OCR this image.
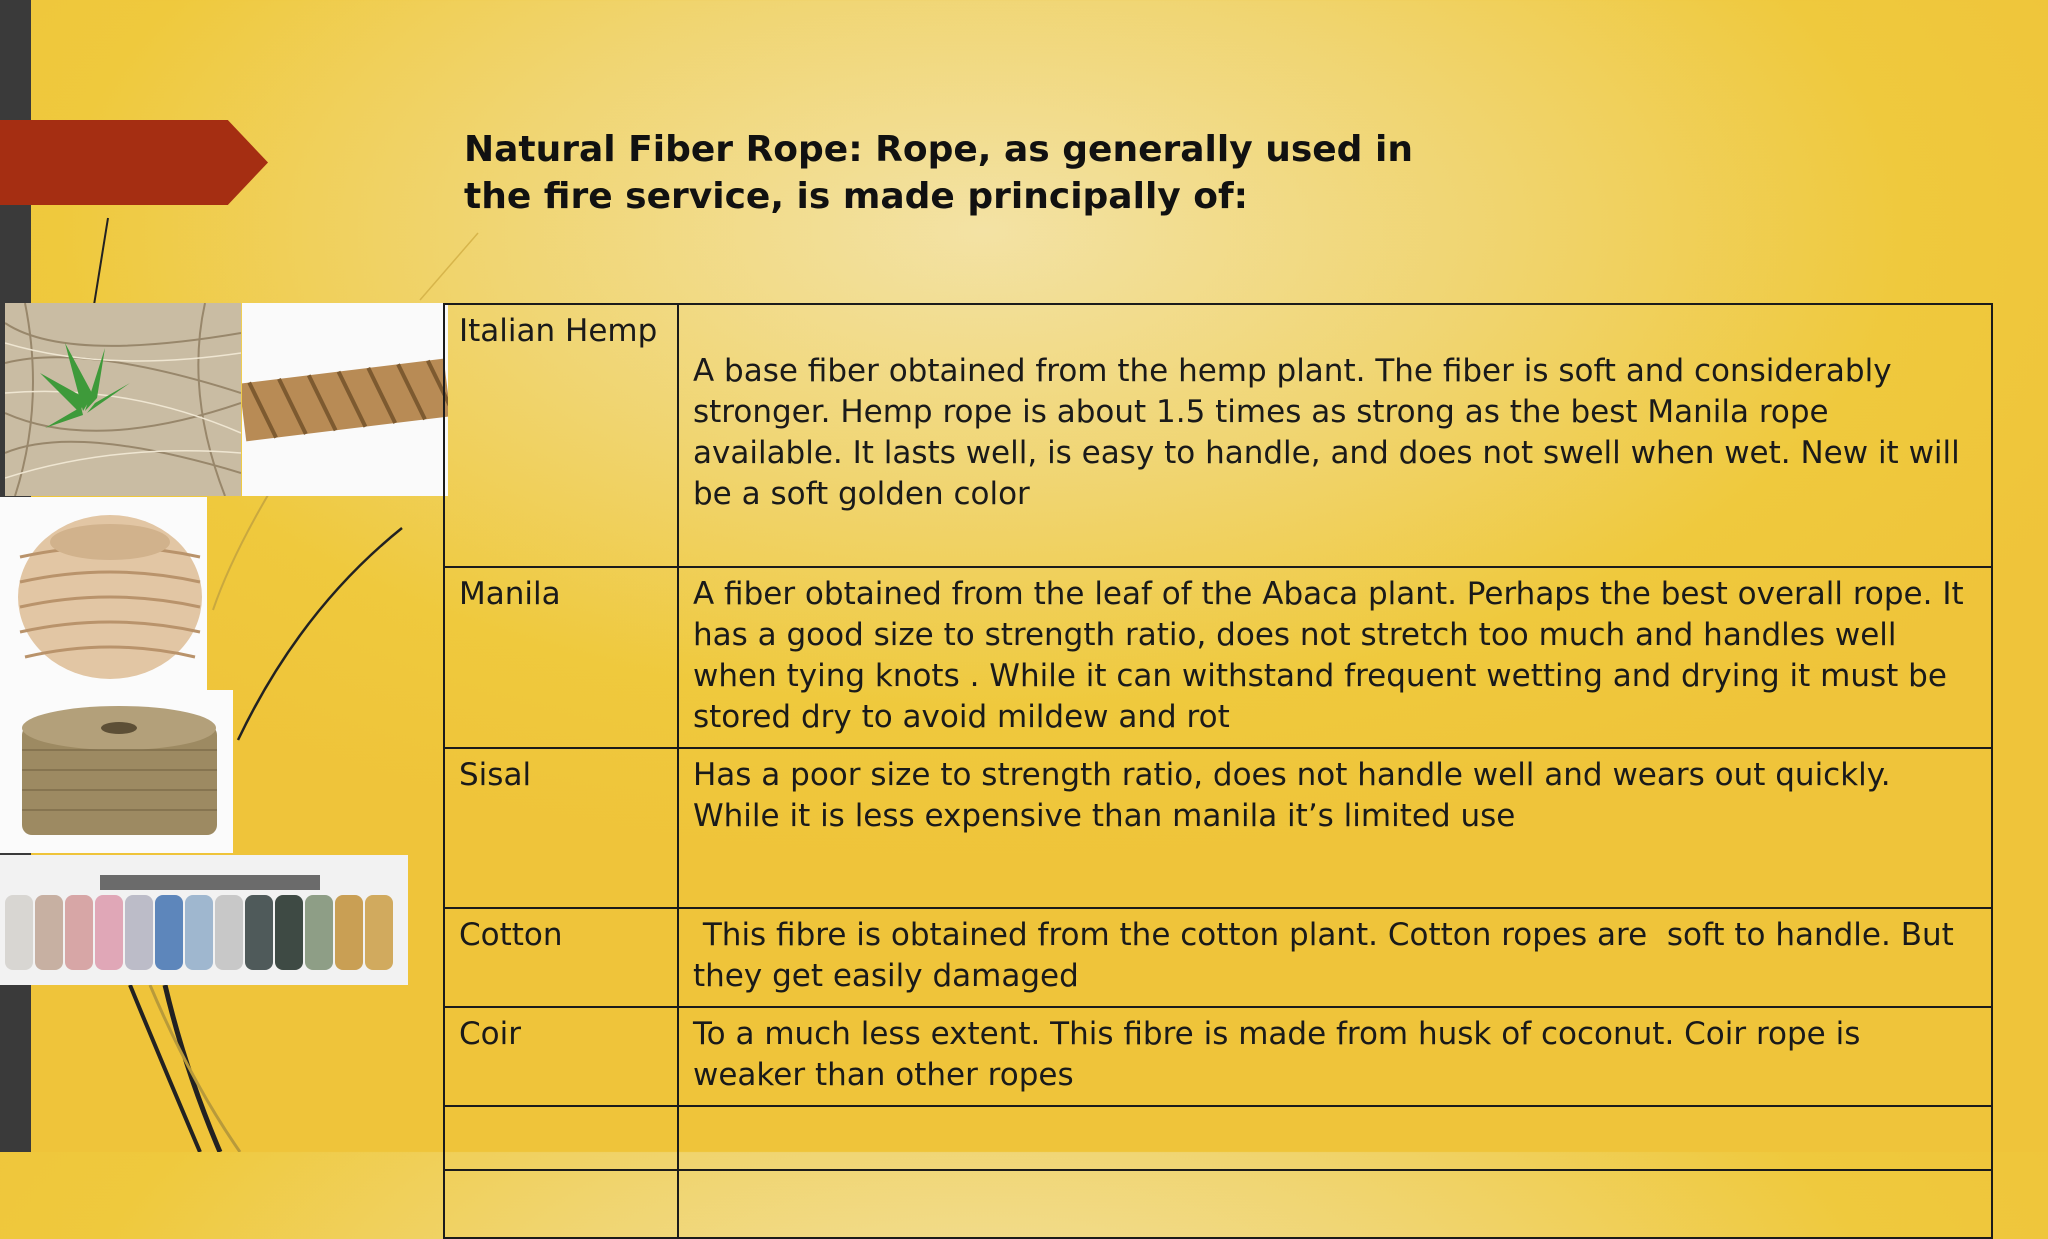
Natural Fiber Rope: Rope, as generally used in the fire service, is made principally of:
Italian Hemp	A base fiber obtained from the hemp plant. The fiber is soft and considerably stronger. Hemp rope is about 1.5 times as strong as the best Manila rope available. It lasts well, is easy to handle, and does not swell when wet. New it will be a soft golden color
Manila	A fiber obtained from the leaf of the Abaca plant. Perhaps the best overall rope. It has a good size to strength ratio, does not stretch too much and handles well when tying knots . While it can withstand frequent wetting and drying it must be stored dry to avoid mildew and rot
Sisal	Has a poor size to strength ratio, does not handle well and wears out quickly. While it is less expensive than manila it’s limited use
Cotton	This fibre is obtained from the cotton plant. Cotton ropes are  soft to handle. But they get easily damaged
Coir	To a much less extent. This fibre is made from husk of coconut. Coir rope is weaker than other ropes
